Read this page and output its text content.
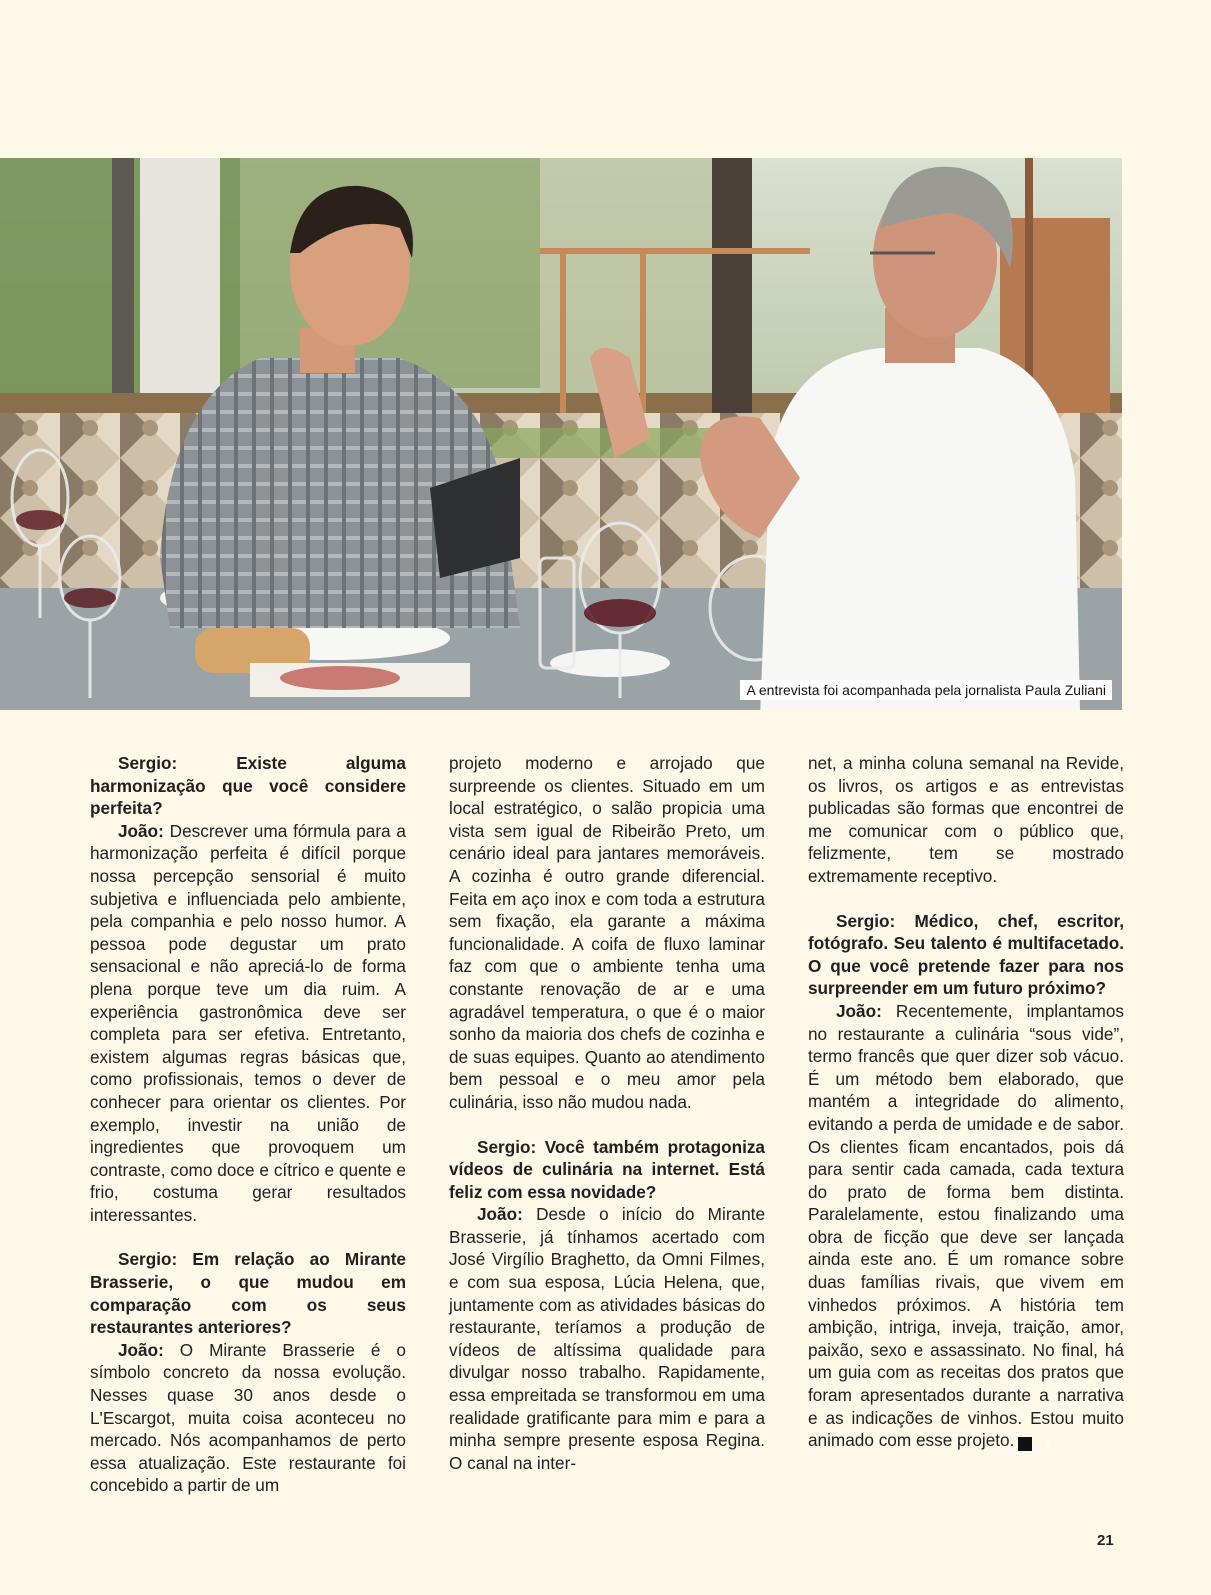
A entrevista foi acompanhada pela jornalista Paula Zuliani

Sergio: Existe alguma harmonização que você considere perfeita?

João: Descrever uma fórmula para a harmonização perfeita é difícil porque nossa percepção sensorial é muito subjetiva e influenciada pelo ambiente, pela companhia e pelo nosso humor. A pessoa pode degustar um prato sensacional e não apreciá-lo de forma plena porque teve um dia ruim. A experiência gastronômica deve ser completa para ser efetiva. Entretanto, existem algumas regras básicas que, como profissionais, temos o dever de conhecer para orientar os clientes. Por exemplo, investir na união de ingredientes que provoquem um contraste, como doce e cítrico e quente e frio, costuma gerar resultados interessantes.

Sergio: Em relação ao Mirante Brasserie, o que mudou em comparação com os seus restaurantes anteriores?

João: O Mirante Brasserie é o símbolo concreto da nossa evolução. Nesses quase 30 anos desde o L'Escargot, muita coisa aconteceu no mercado. Nós acompanhamos de perto essa atualização. Este restaurante foi concebido a partir de um

projeto moderno e arrojado que surpreende os clientes. Situado em um local estratégico, o salão propicia uma vista sem igual de Ribeirão Preto, um cenário ideal para jantares memoráveis. A cozinha é outro grande diferencial. Feita em aço inox e com toda a estrutura sem fixação, ela garante a máxima funcionalidade. A coifa de fluxo laminar faz com que o ambiente tenha uma constante renovação de ar e uma agradável temperatura, o que é o maior sonho da maioria dos chefs de cozinha e de suas equipes. Quanto ao atendimento bem pessoal e o meu amor pela culinária, isso não mudou nada.

Sergio: Você também protagoniza vídeos de culinária na internet. Está feliz com essa novidade?

João: Desde o início do Mirante Brasserie, já tínhamos acertado com José Virgílio Braghetto, da Omni Filmes, e com sua esposa, Lúcia Helena, que, juntamente com as atividades básicas do restaurante, teríamos a produção de vídeos de altíssima qualidade para divulgar nosso trabalho. Rapidamente, essa empreitada se transformou em uma realidade gratificante para mim e para a minha sempre presente esposa Regina. O canal na inter-

net, a minha coluna semanal na Revide, os livros, os artigos e as entrevistas publicadas são formas que encontrei de me comunicar com o público que, felizmente, tem se mostrado extremamente receptivo.

Sergio: Médico, chef, escritor, fotógrafo. Seu talento é multifacetado. O que você pretende fazer para nos surpreender em um futuro próximo?

João: Recentemente, implantamos no restaurante a culinária “sous vide”, termo francês que quer dizer sob vácuo. É um método bem elaborado, que mantém a integridade do alimento, evitando a perda de umidade e de sabor. Os clientes ficam encantados, pois dá para sentir cada camada, cada textura do prato de forma bem distinta. Paralelamente, estou finalizando uma obra de ficção que deve ser lançada ainda este ano. É um romance sobre duas famílias rivais, que vivem em vinhedos próximos. A história tem ambição, intriga, inveja, traição, amor, paixão, sexo e assassinato. No final, há um guia com as receitas dos pratos que foram apresentados durante a narrativa e as indicações de vinhos. Estou muito animado com esse projeto.	r

21
